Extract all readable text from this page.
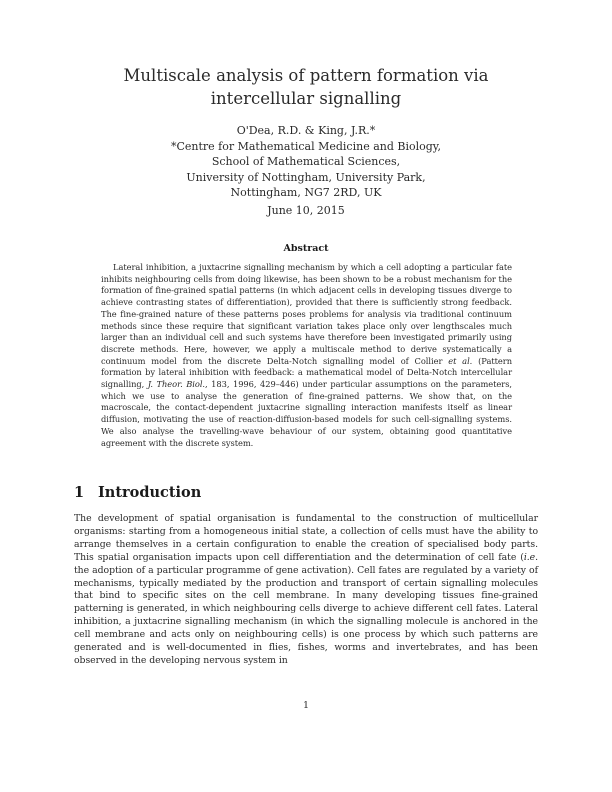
Multiscale analysis of pattern formation via intercellular signalling
O'Dea, R.D. & King, J.R.*
*Centre for Mathematical Medicine and Biology,
School of Mathematical Sciences,
University of Nottingham, University Park,
Nottingham, NG7 2RD, UK
June 10, 2015
Abstract

Lateral inhibition, a juxtacrine signalling mechanism by which a cell adopting a particular fate inhibits neighbouring cells from doing likewise, has been shown to be a robust mechanism for the formation of fine-grained spatial patterns (in which adjacent cells in developing tissues diverge to achieve contrasting states of differentiation), provided that there is sufficiently strong feedback. The fine-grained nature of these patterns poses problems for analysis via traditional continuum methods since these require that significant variation takes place only over lengthscales much larger than an individual cell and such systems have therefore been investigated primarily using discrete methods. Here, however, we apply a multiscale method to derive systematically a continuum model from the discrete Delta-Notch signalling model of Collier et al. (Pattern formation by lateral inhibition with feedback: a mathematical model of Delta-Notch intercellular signalling, J. Theor. Biol., 183, 1996, 429–446) under particular assumptions on the parameters, which we use to analyse the generation of fine-grained patterns. We show that, on the macroscale, the contact-dependent juxtacrine signalling interaction manifests itself as linear diffusion, motivating the use of reaction-diffusion-based models for such cell-signalling systems. We also analyse the travelling-wave behaviour of our system, obtaining good quantitative agreement with the discrete system.

1 Introduction

The development of spatial organisation is fundamental to the construction of multicellular organisms: starting from a homogeneous initial state, a collection of cells must have the ability to arrange themselves in a certain configuration to enable the creation of specialised body parts. This spatial organisation impacts upon cell differentiation and the determination of cell fate (i.e. the adoption of a particular programme of gene activation). Cell fates are regulated by a variety of mechanisms, typically mediated by the production and transport of certain signalling molecules that bind to specific sites on the cell membrane. In many developing tissues fine-grained patterning is generated, in which neighbouring cells diverge to achieve different cell fates. Lateral inhibition, a juxtacrine signalling mechanism (in which the signalling molecule is anchored in the cell membrane and acts only on neighbouring cells) is one process by which such patterns are generated and is well-documented in flies, fishes, worms and invertebrates, and has been observed in the developing nervous system in

1
